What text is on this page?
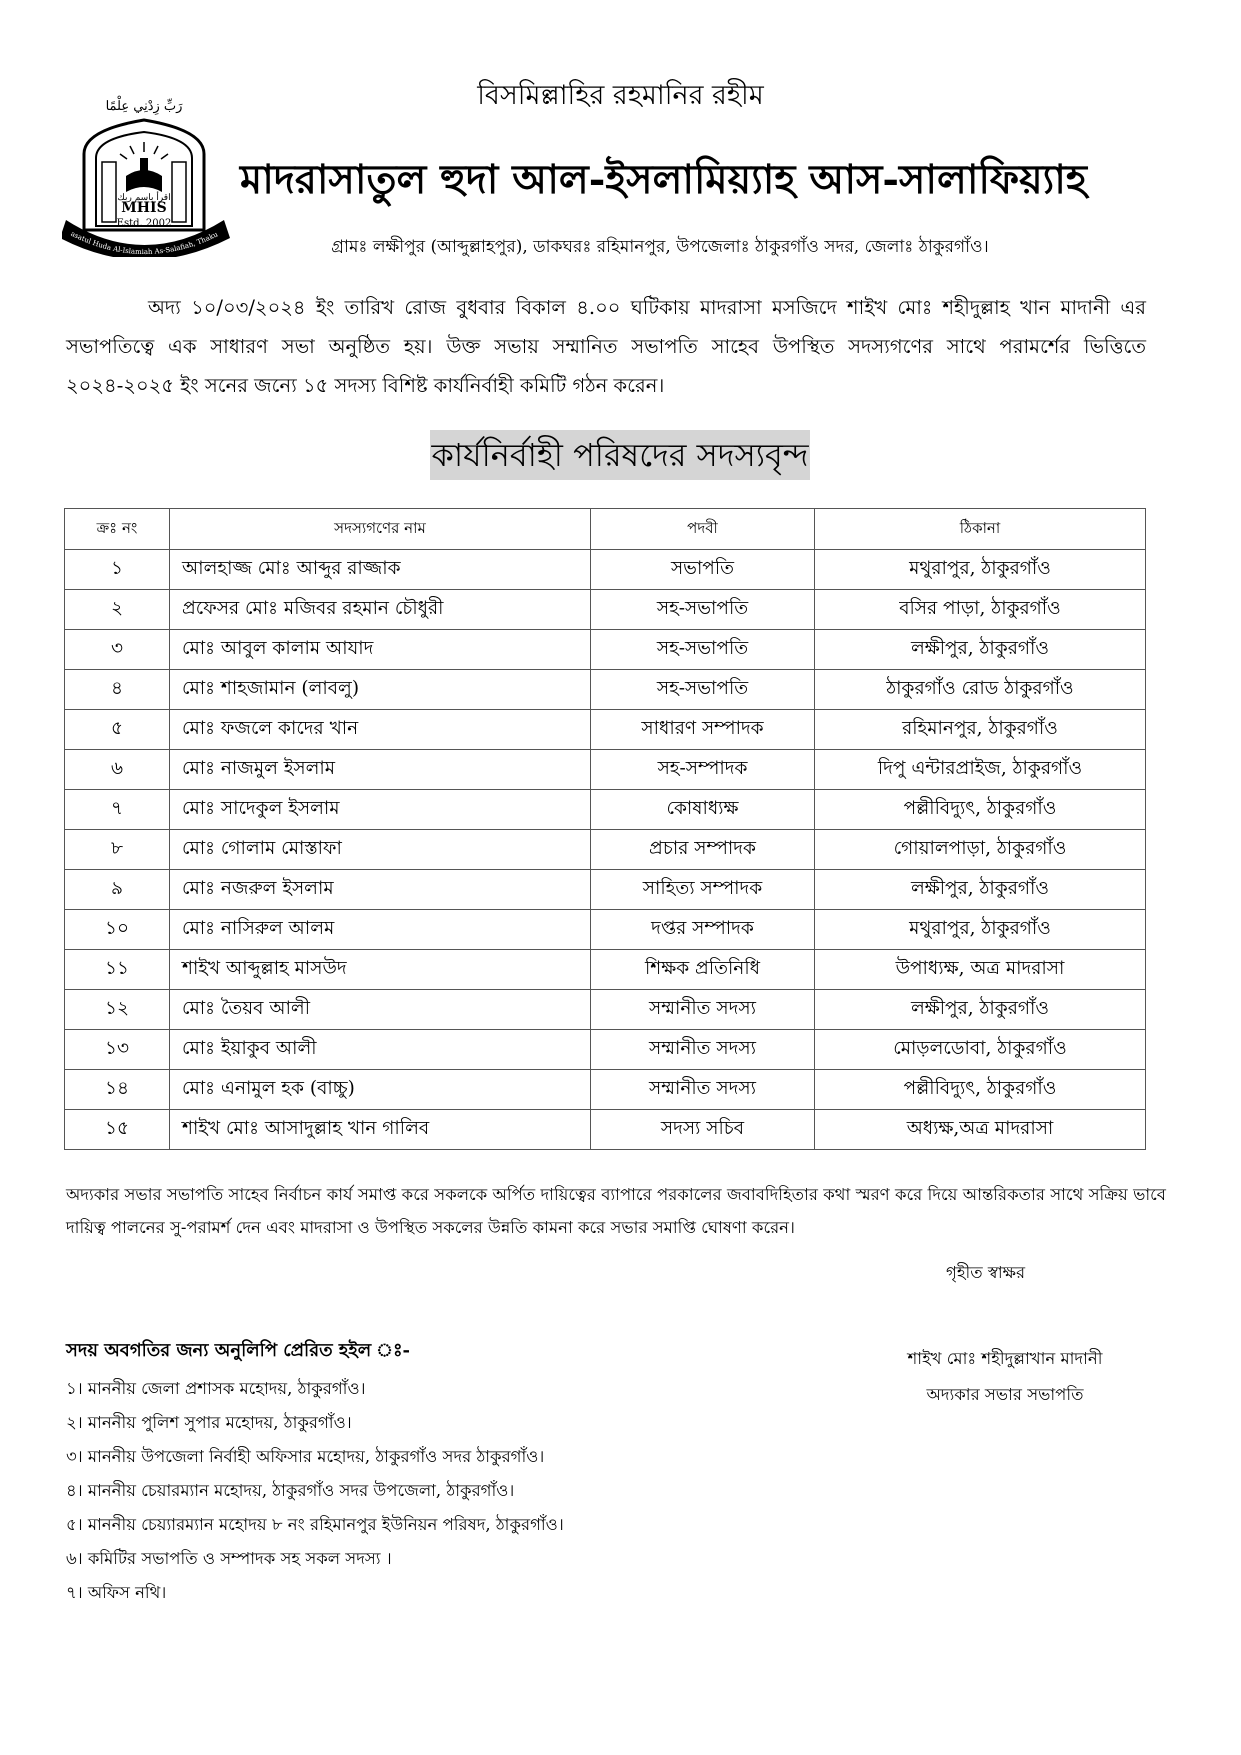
বিসমিল্লাহির রহমানির রহীম
رَبِّ زِدْنِي عِلْمًا
MHIS
Estd. 2002
اقرأ باسم ربك
asatul Huda Al-Islamiah As-Salafiah, Thaku
মাদরাসাতুল হুদা আল-ইসলামিয়্যাহ আস-সালাফিয়্যাহ
গ্রামঃ লক্ষীপুর (আব্দুল্লাহপুর), ডাকঘরঃ রহিমানপুর, উপজেলাঃ ঠাকুরগাঁও সদর, জেলাঃ ঠাকুরগাঁও।
অদ্য ১০/০৩/২০২৪ ইং তারিখ রোজ বুধবার বিকাল ৪.০০ ঘটিকায় মাদরাসা মসজিদে শাইখ মোঃ শহীদুল্লাহ খান মাদানী এর সভাপতিত্বে এক সাধারণ সভা অনুষ্ঠিত হয়। উক্ত সভায় সম্মানিত সভাপতি সাহেব উপস্থিত সদস্যগণের সাথে পরামর্শের ভিত্তিতে ২০২৪-২০২৫ ইং সনের জন্যে ১৫ সদস্য বিশিষ্ট কার্যনির্বাহী কমিটি গঠন করেন।
কার্যনির্বাহী পরিষদের সদস্যবৃন্দ
ক্রঃ নং	সদস্যগণের নাম	পদবী	ঠিকানা
১	আলহাজ্জ মোঃ আব্দুর রাজ্জাক	সভাপতি	মথুরাপুর, ঠাকুরগাঁও
২	প্রফেসর মোঃ মজিবর রহমান চৌধুরী	সহ-সভাপতি	বসির পাড়া, ঠাকুরগাঁও
৩	মোঃ আবুল কালাম আযাদ	সহ-সভাপতি	লক্ষীপুর, ঠাকুরগাঁও
৪	মোঃ শাহজামান (লাবলু)	সহ-সভাপতি	ঠাকুরগাঁও রোড ঠাকুরগাঁও
৫	মোঃ ফজলে কাদের খান	সাধারণ সম্পাদক	রহিমানপুর, ঠাকুরগাঁও
৬	মোঃ নাজমুল ইসলাম	সহ-সম্পাদক	দিপু এন্টারপ্রাইজ, ঠাকুরগাঁও
৭	মোঃ সাদেকুল ইসলাম	কোষাধ্যক্ষ	পল্লীবিদ্যুৎ, ঠাকুরগাঁও
৮	মোঃ গোলাম মোস্তাফা	প্রচার সম্পাদক	গোয়ালপাড়া, ঠাকুরগাঁও
৯	মোঃ নজরুল ইসলাম	সাহিত্য সম্পাদক	লক্ষীপুর, ঠাকুরগাঁও
১০	মোঃ নাসিরুল আলম	দপ্তর সম্পাদক	মথুরাপুর, ঠাকুরগাঁও
১১	শাইখ আব্দুল্লাহ মাসউদ	শিক্ষক প্রতিনিধি	উপাধ্যক্ষ, অত্র মাদরাসা
১২	মোঃ তৈয়ব আলী	সম্মানীত সদস্য	লক্ষীপুর, ঠাকুরগাঁও
১৩	মোঃ ইয়াকুব আলী	সম্মানীত সদস্য	মোড়লডোবা, ঠাকুরগাঁও
১৪	মোঃ এনামুল হক (বাচ্চু)	সম্মানীত সদস্য	পল্লীবিদ্যুৎ, ঠাকুরগাঁও
১৫	শাইখ মোঃ আসাদুল্লাহ খান গালিব	সদস্য সচিব	অধ্যক্ষ,অত্র মাদরাসা
অদ্যকার সভার সভাপতি সাহেব নির্বাচন কার্য সমাপ্ত করে সকলকে অর্পিত দায়িত্বের ব্যাপারে পরকালের জবাবদিহিতার কথা স্মরণ করে দিয়ে আন্তরিকতার সাথে সক্রিয় ভাবে দায়িত্ব পালনের সু-পরামর্শ দেন এবং মাদরাসা ও উপস্থিত সকলের উন্নতি কামনা করে সভার সমাপ্তি ঘোষণা করেন।
গৃহীত স্বাক্ষর
সদয় অবগতির জন্য অনুলিপি প্রেরিত হইল ঃ-
১। মাননীয় জেলা প্রশাসক মহোদয়, ঠাকুরগাঁও।
২। মাননীয় পুলিশ সুপার মহোদয়, ঠাকুরগাঁও।
৩। মাননীয় উপজেলা নির্বাহী অফিসার মহোদয়, ঠাকুরগাঁও সদর ঠাকুরগাঁও।
৪। মাননীয় চেয়ারম্যান মহোদয়, ঠাকুরগাঁও সদর উপজেলা, ঠাকুরগাঁও।
৫। মাননীয় চেয়্যারম্যান মহোদয় ৮ নং রহিমানপুর ইউনিয়ন পরিষদ, ঠাকুরগাঁও।
৬। কমিটির সভাপতি ও সম্পাদক সহ সকল সদস্য ।
৭। অফিস নথি।
শাইখ মোঃ শহীদুল্লাখান মাদানী
অদ্যকার সভার সভাপতি
